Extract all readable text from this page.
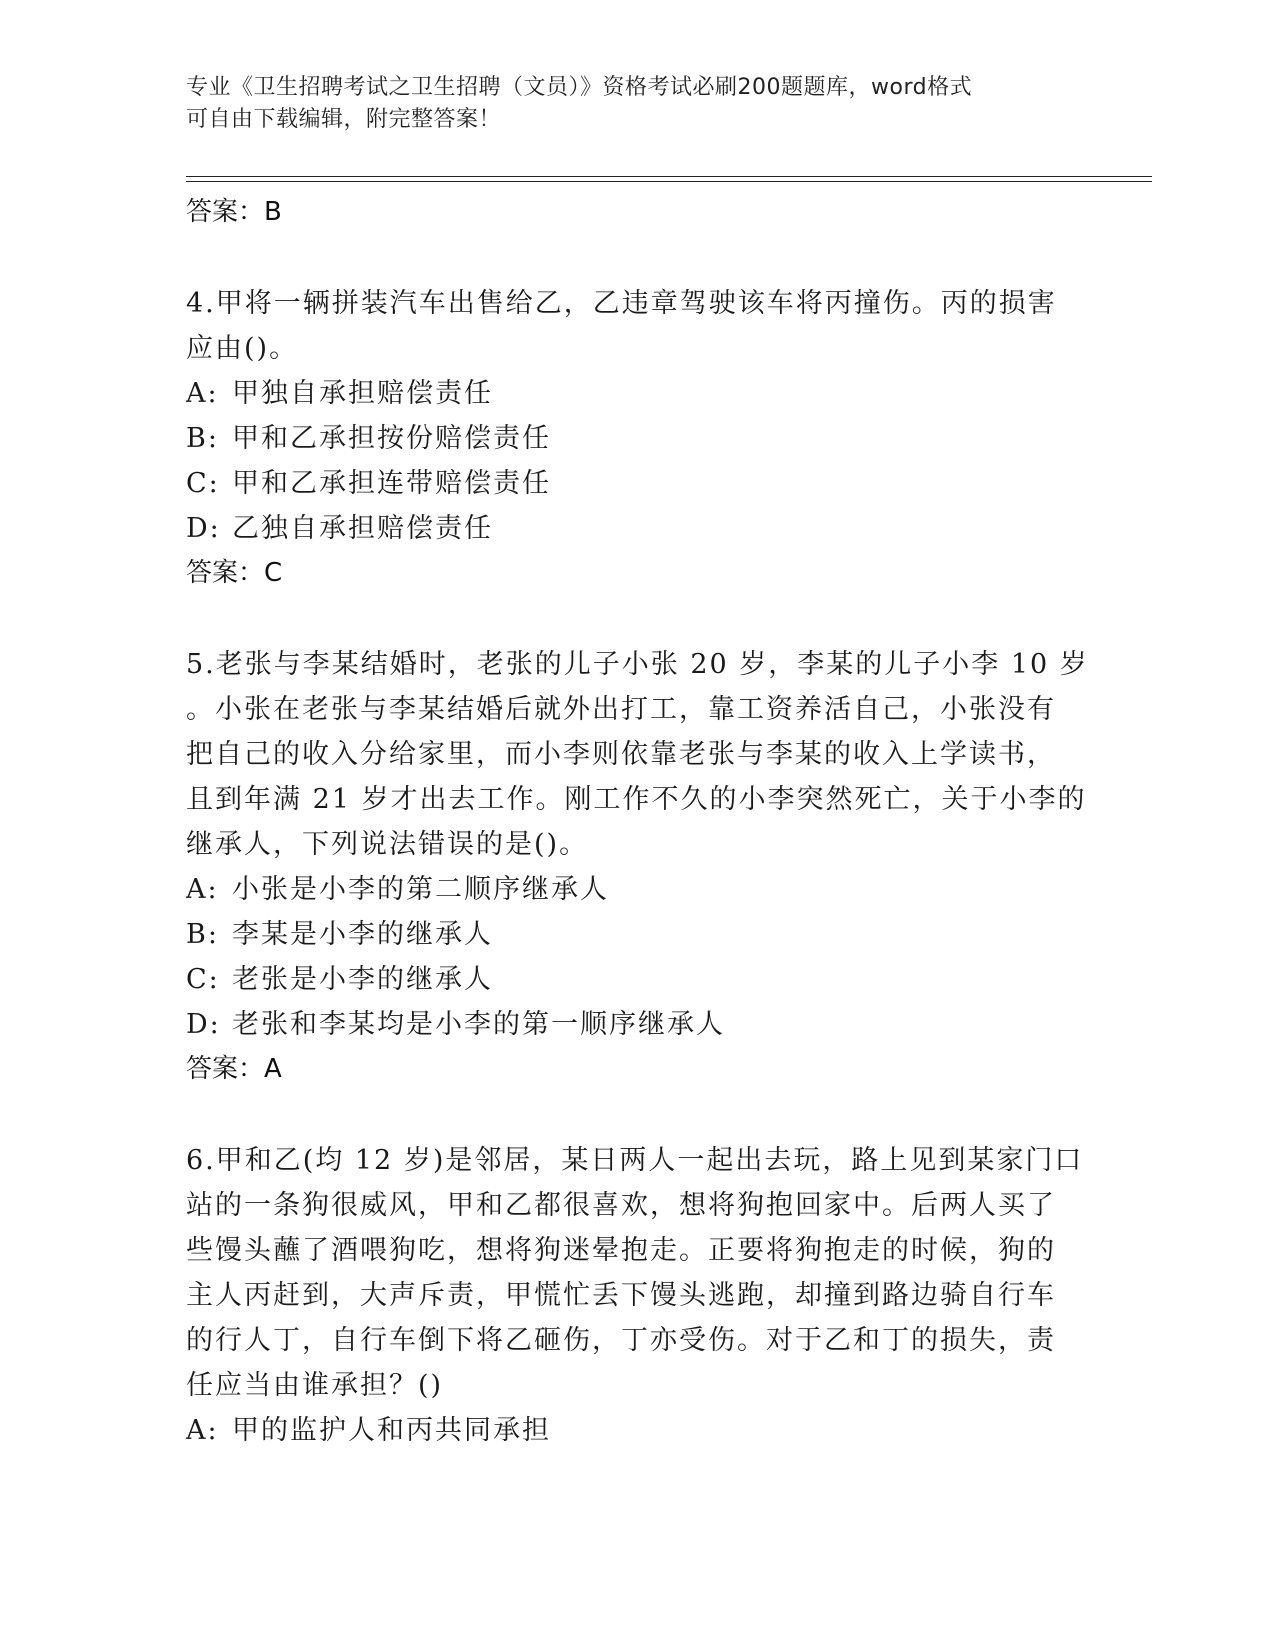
专业《卫生招聘考试之卫生招聘（文员）》资格考试必刷200题题库，word格式
可自由下载编辑，附完整答案！
答案：B
4.甲将一辆拼装汽车出售给乙，乙违章驾驶该车将丙撞伤。丙的损害
应由()。
A: 甲独自承担赔偿责任
B: 甲和乙承担按份赔偿责任
C: 甲和乙承担连带赔偿责任
D: 乙独自承担赔偿责任
答案：C
5.老张与李某结婚时，老张的儿子小张 20 岁，李某的儿子小李 10 岁
。小张在老张与李某结婚后就外出打工，靠工资养活自己，小张没有
把自己的收入分给家里，而小李则依靠老张与李某的收入上学读书，
且到年满 21 岁才出去工作。刚工作不久的小李突然死亡，关于小李的
继承人，下列说法错误的是()。
A: 小张是小李的第二顺序继承人
B: 李某是小李的继承人
C: 老张是小李的继承人
D: 老张和李某均是小李的第一顺序继承人
答案：A
6.甲和乙(均 12 岁)是邻居，某日两人一起出去玩，路上见到某家门口
站的一条狗很威风，甲和乙都很喜欢，想将狗抱回家中。后两人买了
些馒头蘸了酒喂狗吃，想将狗迷晕抱走。正要将狗抱走的时候，狗的
主人丙赶到，大声斥责，甲慌忙丢下馒头逃跑，却撞到路边骑自行车
的行人丁，自行车倒下将乙砸伤，丁亦受伤。对于乙和丁的损失，责
任应当由谁承担？()
A: 甲的监护人和丙共同承担
